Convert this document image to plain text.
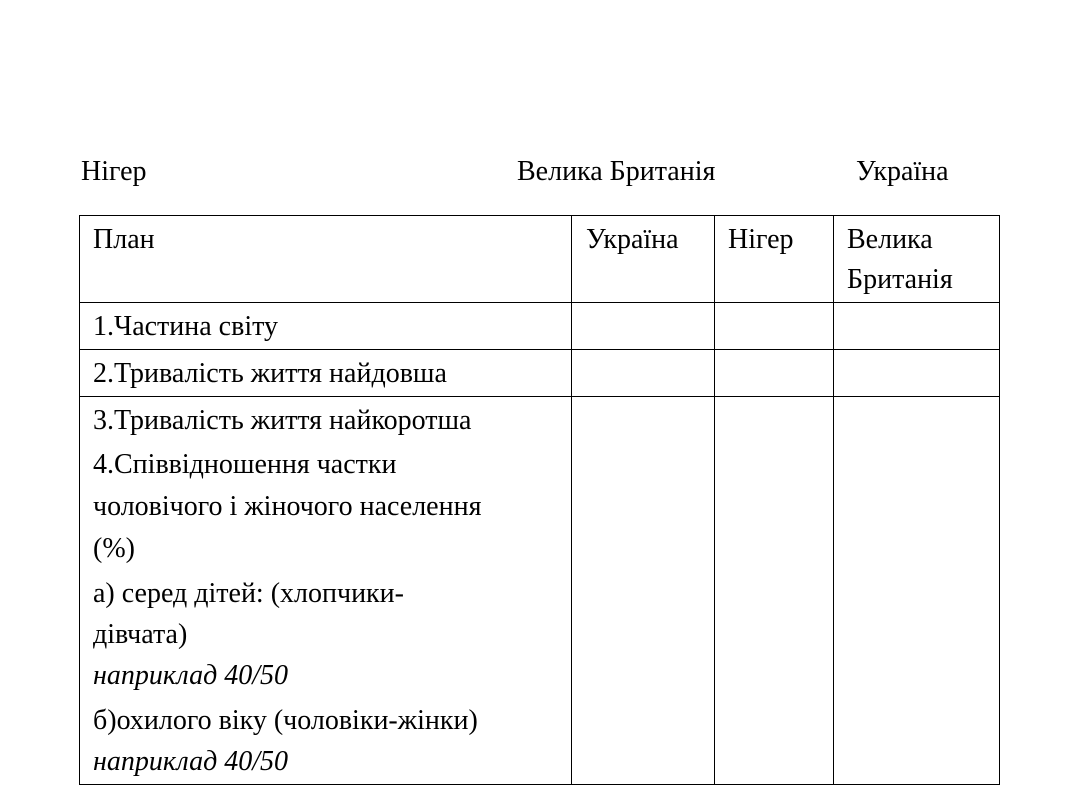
Нігер	Велика Британія	Україна
План	Україна	Нігер	Велика
Британія

1.Частина світу			
2.Тривалість життя найдовша			
3.Тривалість життя найкоротша			

4.Співвідношення частки
чоловічого і жіночого населення
(%)			

а) серед дітей: (хлопчики-
дівчата)
наприклад 40/50			

б)охилого віку (чоловіки-жінки)
наприклад 40/50			
